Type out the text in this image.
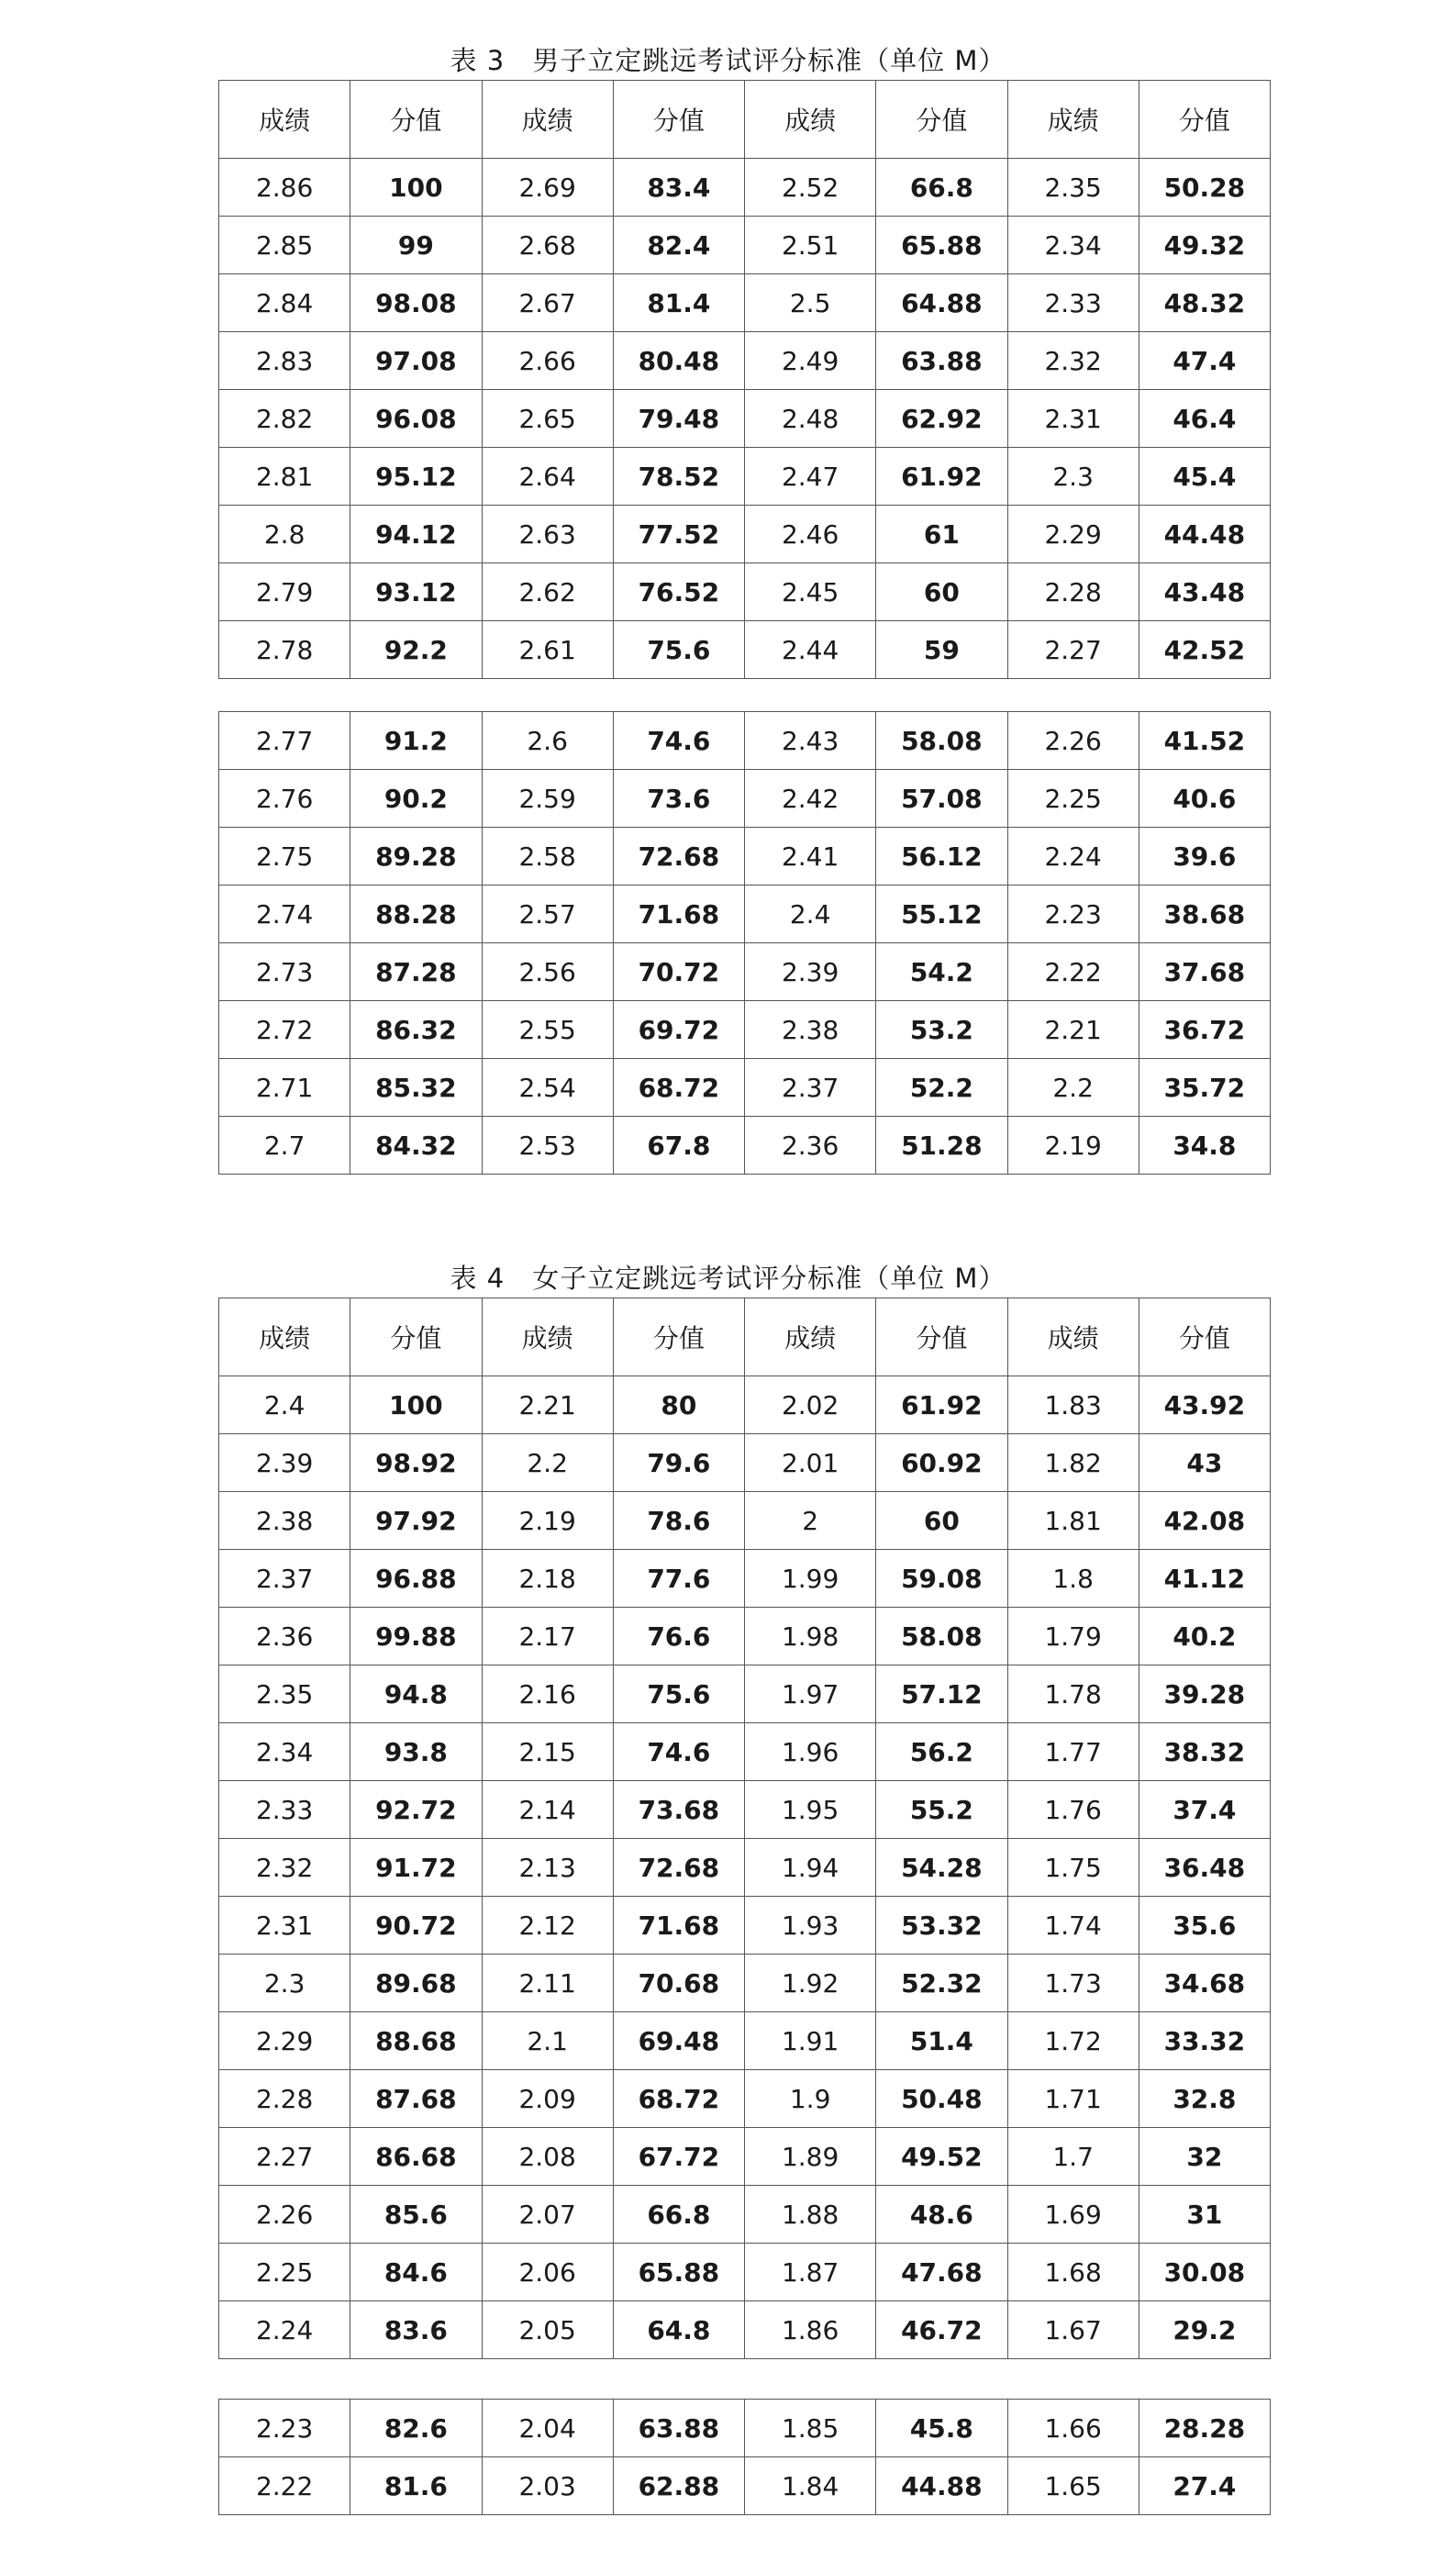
表 3　男子立定跳远考试评分标准（单位 M）
成绩	分值	成绩	分值	成绩	分值	成绩	分值
2.86	100	2.69	83.4	2.52	66.8	2.35	50.28
2.85	99	2.68	82.4	2.51	65.88	2.34	49.32
2.84	98.08	2.67	81.4	2.5	64.88	2.33	48.32
2.83	97.08	2.66	80.48	2.49	63.88	2.32	47.4
2.82	96.08	2.65	79.48	2.48	62.92	2.31	46.4
2.81	95.12	2.64	78.52	2.47	61.92	2.3	45.4
2.8	94.12	2.63	77.52	2.46	61	2.29	44.48
2.79	93.12	2.62	76.52	2.45	60	2.28	43.48
2.78	92.2	2.61	75.6	2.44	59	2.27	42.52
2.77	91.2	2.6	74.6	2.43	58.08	2.26	41.52
2.76	90.2	2.59	73.6	2.42	57.08	2.25	40.6
2.75	89.28	2.58	72.68	2.41	56.12	2.24	39.6
2.74	88.28	2.57	71.68	2.4	55.12	2.23	38.68
2.73	87.28	2.56	70.72	2.39	54.2	2.22	37.68
2.72	86.32	2.55	69.72	2.38	53.2	2.21	36.72
2.71	85.32	2.54	68.72	2.37	52.2	2.2	35.72
2.7	84.32	2.53	67.8	2.36	51.28	2.19	34.8
表 4　女子立定跳远考试评分标准（单位 M）
成绩	分值	成绩	分值	成绩	分值	成绩	分值
2.4	100	2.21	80	2.02	61.92	1.83	43.92
2.39	98.92	2.2	79.6	2.01	60.92	1.82	43
2.38	97.92	2.19	78.6	2	60	1.81	42.08
2.37	96.88	2.18	77.6	1.99	59.08	1.8	41.12
2.36	99.88	2.17	76.6	1.98	58.08	1.79	40.2
2.35	94.8	2.16	75.6	1.97	57.12	1.78	39.28
2.34	93.8	2.15	74.6	1.96	56.2	1.77	38.32
2.33	92.72	2.14	73.68	1.95	55.2	1.76	37.4
2.32	91.72	2.13	72.68	1.94	54.28	1.75	36.48
2.31	90.72	2.12	71.68	1.93	53.32	1.74	35.6
2.3	89.68	2.11	70.68	1.92	52.32	1.73	34.68
2.29	88.68	2.1	69.48	1.91	51.4	1.72	33.32
2.28	87.68	2.09	68.72	1.9	50.48	1.71	32.8
2.27	86.68	2.08	67.72	1.89	49.52	1.7	32
2.26	85.6	2.07	66.8	1.88	48.6	1.69	31
2.25	84.6	2.06	65.88	1.87	47.68	1.68	30.08
2.24	83.6	2.05	64.8	1.86	46.72	1.67	29.2
2.23	82.6	2.04	63.88	1.85	45.8	1.66	28.28
2.22	81.6	2.03	62.88	1.84	44.88	1.65	27.4
